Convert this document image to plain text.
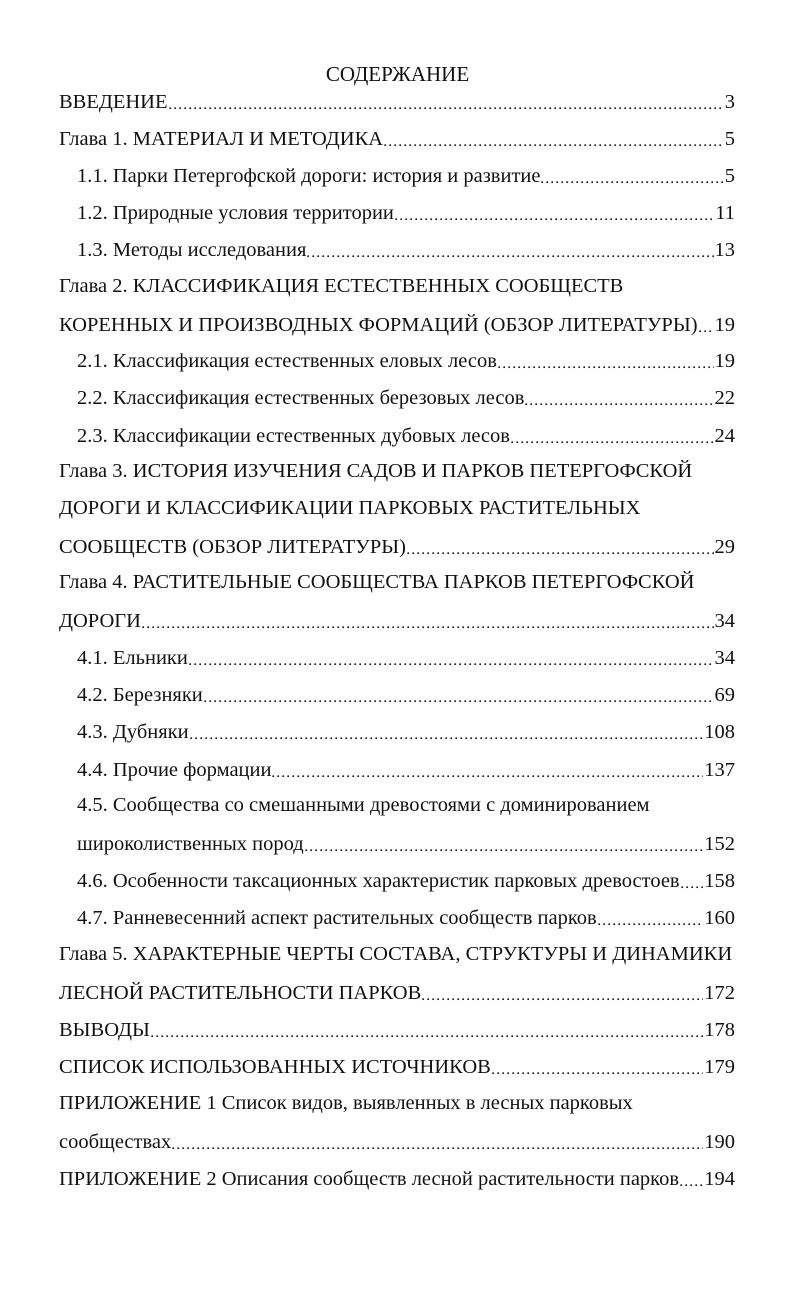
СОДЕРЖАНИЕ
ВВЕДЕНИЕ	3
Глава 1. МАТЕРИАЛ И МЕТОДИКА	5
1.1. Парки Петергофской дороги: история и развитие	5
1.2. Природные условия территории	11
1.3. Методы исследования	13
Глава 2. КЛАССИФИКАЦИЯ ЕСТЕСТВЕННЫХ СООБЩЕСТВ
КОРЕННЫХ И ПРОИЗВОДНЫХ ФОРМАЦИЙ (ОБЗОР ЛИТЕРАТУРЫ) 19
2.1. Классификация естественных еловых лесов	19
2.2. Классификация естественных березовых лесов	22
2.3. Классификации естественных дубовых лесов	24
Глава 3. ИСТОРИЯ ИЗУЧЕНИЯ САДОВ И ПАРКОВ ПЕТЕРГОФСКОЙ
ДОРОГИ И КЛАССИФИКАЦИИ ПАРКОВЫХ РАСТИТЕЛЬНЫХ
СООБЩЕСТВ (ОБЗОР ЛИТЕРАТУРЫ)	29
Глава 4. РАСТИТЕЛЬНЫЕ СООБЩЕСТВА ПАРКОВ ПЕТЕРГОФСКОЙ
ДОРОГИ	34
4.1. Ельники	34
4.2. Березняки	69
4.3. Дубняки	108
4.4. Прочие формации	137
4.5. Сообщества со смешанными древостоями с доминированием
широколиственных пород	152
4.6. Особенности таксационных характеристик парковых древостоев 158
4.7. Ранневесенний аспект растительных сообществ парков	160
Глава 5. ХАРАКТЕРНЫЕ ЧЕРТЫ СОСТАВА, СТРУКТУРЫ И ДИНАМИКИ
ЛЕСНОЙ РАСТИТЕЛЬНОСТИ ПАРКОВ	172
ВЫВОДЫ	178
СПИСОК ИСПОЛЬЗОВАННЫХ ИСТОЧНИКОВ	179
ПРИЛОЖЕНИЕ 1 Список видов, выявленных в лесных парковых
сообществах	190
ПРИЛОЖЕНИЕ 2 Описания сообществ лесной растительности парков 194
